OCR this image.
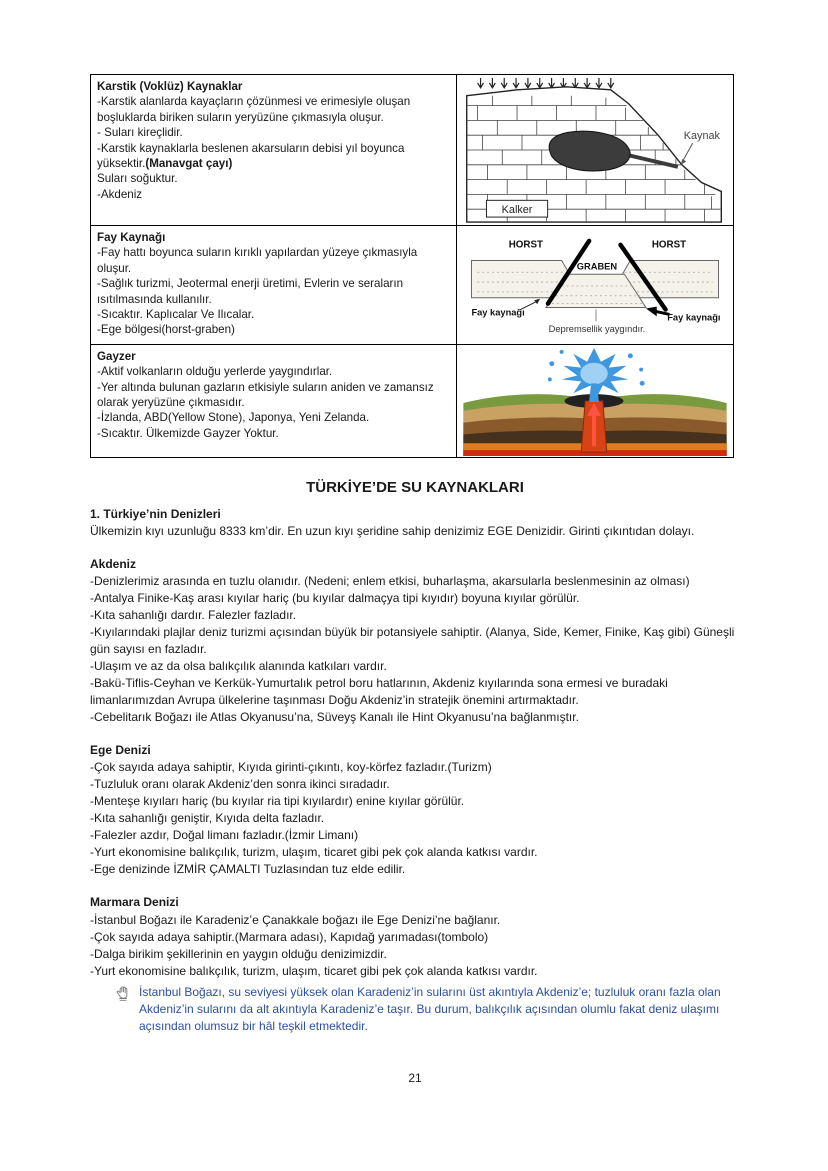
Karstik (Voklüz) Kaynaklar
-Karstik alanlarda kayaçların çözünmesi ve erimesiyle oluşan boşluklarda biriken suların yeryüzüne çıkmasıyla oluşur.
- Suları kireçlidir.
-Karstik kaynaklarla beslenen akarsuların debisi yıl boyunca yüksektir.(Manavgat çayı)
Suları soğuktur.
-Akdeniz
Kaynak
Kalker
Fay Kaynağı
-Fay hattı boyunca suların kırıklı yapılardan yüzeye çıkmasıyla oluşur.
-Sağlık turizmi, Jeotermal enerji üretimi, Evlerin ve seraların ısıtılmasında kullanılır.
-Sıcaktır. Kaplıcalar Ve Ilıcalar.
-Ege bölgesi(horst-graben)
HORST	HORST
GRABEN
Fay kaynağı	Fay kaynağı
Depremsellik yaygındır.
Gayzer
-Aktif volkanların olduğu yerlerde yaygındırlar.
-Yer altında bulunan gazların etkisiyle suların aniden ve zamansız olarak yeryüzüne çıkmasıdır.
-İzlanda, ABD(Yellow Stone), Japonya, Yeni Zelanda.
-Sıcaktır. Ülkemizde Gayzer Yoktur.
TÜRKİYE’DE SU KAYNAKLARI
1. Türkiye’nin Denizleri
Ülkemizin kıyı uzunluğu 8333 km’dir. En uzun kıyı şeridine sahip denizimiz EGE Denizidir. Girinti çıkıntıdan dolayı.
Akdeniz
-Denizlerimiz arasında en tuzlu olanıdır. (Nedeni; enlem etkisi, buharlaşma, akarsularla beslenmesinin az olması)
-Antalya Finike-Kaş arası kıyılar hariç (bu kıyılar dalmaçya tipi kıyıdır) boyuna kıyılar görülür.
-Kıta sahanlığı dardır. Falezler fazladır.
-Kıyılarındaki plajlar deniz turizmi açısından büyük bir potansiyele sahiptir. (Alanya, Side, Kemer, Finike, Kaş gibi) Güneşli gün sayısı en fazladır.
-Ulaşım ve az da olsa balıkçılık alanında katkıları vardır.
-Bakü-Tiflis-Ceyhan ve Kerkük-Yumurtalık petrol boru hatlarının, Akdeniz kıyılarında sona ermesi ve buradaki limanlarımızdan Avrupa ülkelerine taşınması Doğu Akdeniz’in stratejik önemini artırmaktadır.
-Cebelitarık Boğazı ile Atlas Okyanusu’na, Süveyş Kanalı ile Hint Okyanusu’na bağlanmıştır.
Ege Denizi
-Çok sayıda adaya sahiptir, Kıyıda girinti-çıkıntı, koy-körfez fazladır.(Turizm)
-Tuzluluk oranı olarak Akdeniz’den sonra ikinci sıradadır.
-Menteşe kıyıları hariç (bu kıyılar ria tipi kıyılardır) enine kıyılar görülür.
-Kıta sahanlığı geniştir, Kıyıda delta fazladır.
-Falezler azdır, Doğal limanı fazladır.(İzmir Limanı)
-Yurt ekonomisine balıkçılık, turizm, ulaşım, ticaret gibi pek çok alanda katkısı vardır.
-Ege denizinde İZMİR ÇAMALTI Tuzlasından tuz elde edilir.
Marmara Denizi
-İstanbul Boğazı ile Karadeniz’e Çanakkale boğazı ile Ege Denizi’ne bağlanır.
-Çok sayıda adaya sahiptir.(Marmara adası), Kapıdağ yarımadası(tombolo)
-Dalga birikim şekillerinin en yaygın olduğu denizimizdir.
-Yurt ekonomisine balıkçılık, turizm, ulaşım, ticaret gibi pek çok alanda katkısı vardır.
İstanbul Boğazı, su seviyesi yüksek olan Karadeniz’in sularını üst akıntıyla Akdeniz’e; tuzluluk oranı fazla olan Akdeniz’in sularını da alt akıntıyla Karadeniz’e taşır. Bu durum, balıkçılık açısından olumlu fakat deniz ulaşımı açısından olumsuz bir hâl teşkil etmektedir.
21
